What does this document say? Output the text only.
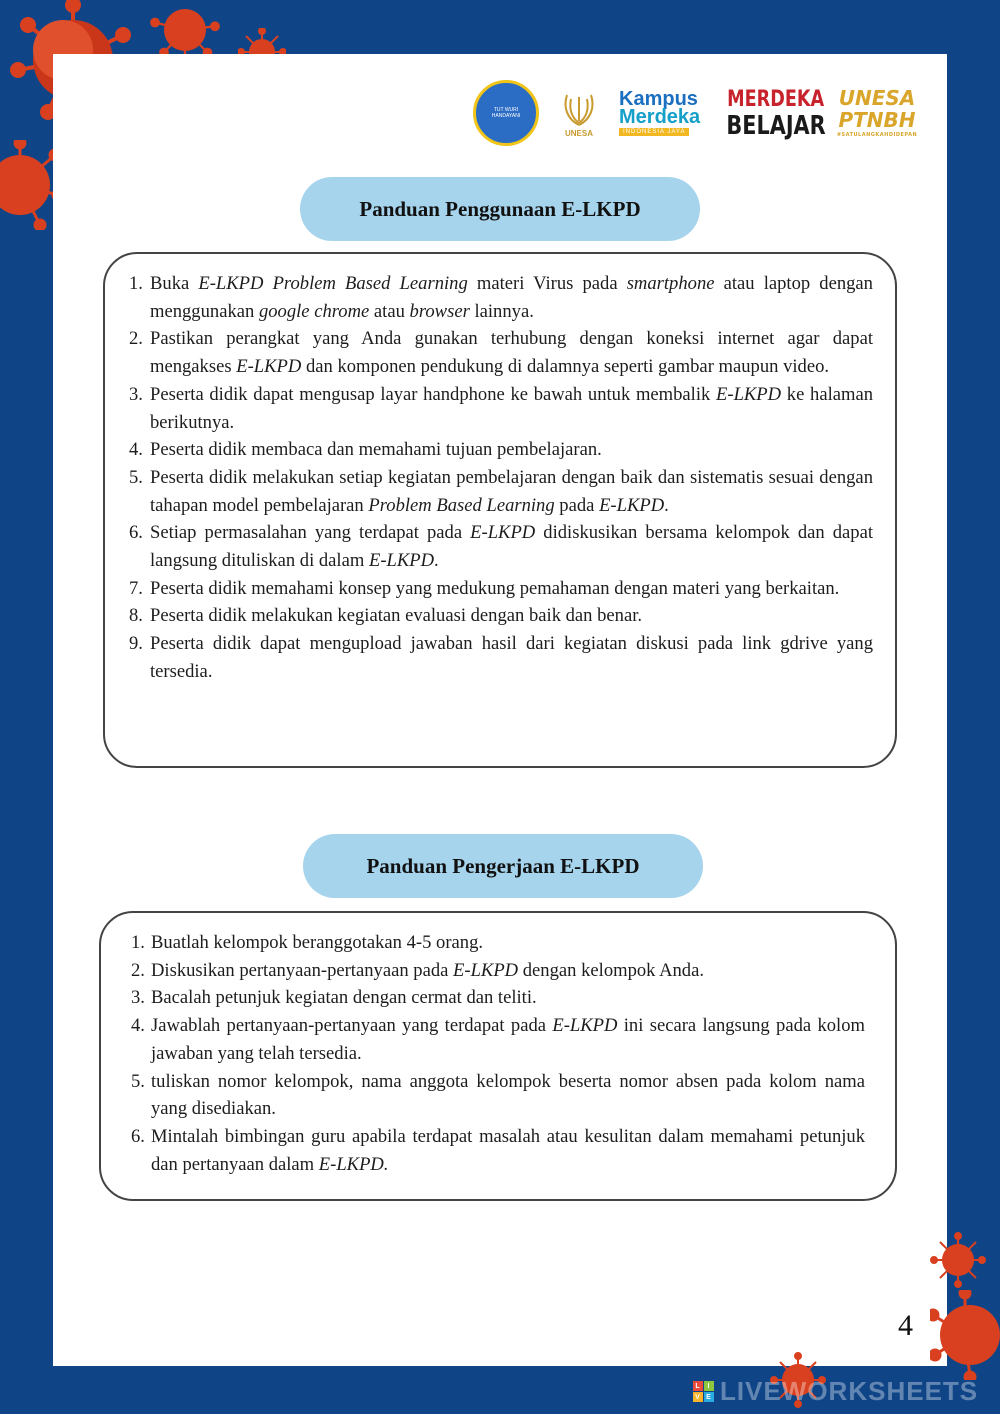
TUT WURI HANDAYANI
UNESA
Kampus
Merdeka
INDONESIA JAYA
MERDEKA
BELAJAR
UNESA
PTNBH
#SATULANGKAHDIDEPAN
Panduan Penggunaan E-LKPD
1. Buka E-LKPD Problem Based Learning materi Virus pada smartphone atau laptop dengan menggunakan google chrome atau browser lainnya.
2. Pastikan perangkat yang Anda gunakan terhubung dengan koneksi internet agar dapat mengakses E-LKPD dan komponen pendukung di dalamnya seperti gambar maupun video.
3. Peserta didik dapat mengusap layar handphone ke bawah untuk membalik E-LKPD ke halaman berikutnya.
4. Peserta didik membaca dan memahami tujuan pembelajaran.
5. Peserta didik melakukan setiap kegiatan pembelajaran dengan baik dan sistematis sesuai dengan tahapan model pembelajaran Problem Based Learning pada E-LKPD.
6. Setiap permasalahan yang terdapat pada E-LKPD didiskusikan bersama kelompok dan dapat langsung dituliskan di dalam E-LKPD.
7. Peserta didik memahami konsep yang medukung pemahaman dengan materi yang berkaitan.
8. Peserta didik melakukan kegiatan evaluasi dengan baik dan benar.
9. Peserta didik dapat mengupload jawaban hasil dari kegiatan diskusi pada link gdrive yang tersedia.
Panduan Pengerjaan E-LKPD
1. Buatlah kelompok beranggotakan 4-5 orang.
2. Diskusikan pertanyaan-pertanyaan pada E-LKPD dengan kelompok Anda.
3. Bacalah petunjuk kegiatan dengan cermat dan teliti.
4. Jawablah pertanyaan-pertanyaan yang terdapat pada E-LKPD ini secara langsung pada kolom jawaban yang telah tersedia.
5. tuliskan nomor kelompok, nama anggota kelompok beserta nomor absen pada kolom nama yang disediakan.
6. Mintalah bimbingan guru apabila terdapat masalah atau kesulitan dalam memahami petunjuk dan pertanyaan dalam E-LKPD.
4
L I
V E LIVEWORKSHEETS
